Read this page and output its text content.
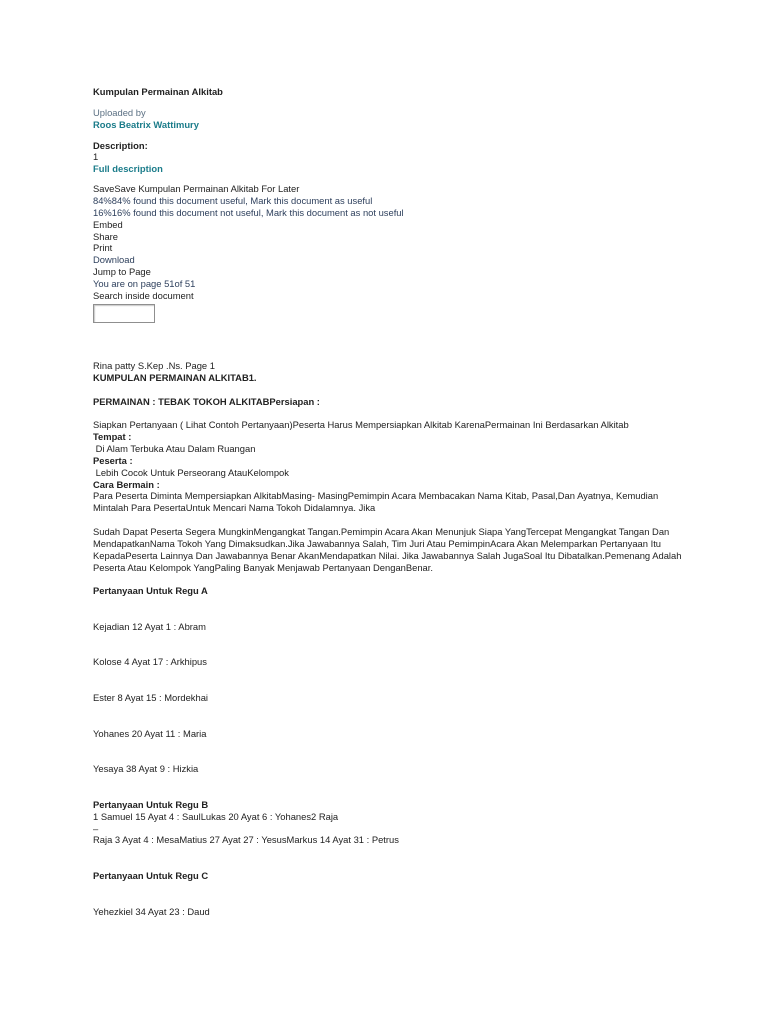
Kumpulan Permainan Alkitab
Uploaded by
Roos Beatrix Wattimury
Description:
1
Full description
SaveSave Kumpulan Permainan Alkitab For Later
84%84% found this document useful, Mark this document as useful
16%16% found this document not useful, Mark this document as not useful
Embed
Share
Print
Download
Jump to Page
You are on page 51of 51
Search inside document
Rina patty S.Kep .Ns. Page 1
KUMPULAN PERMAINAN ALKITAB1.
PERMAINAN : TEBAK TOKOH ALKITABPersiapan :
Siapkan Pertanyaan ( Lihat Contoh Pertanyaan)Peserta Harus Mempersiapkan Alkitab KarenaPermainan Ini Berdasarkan Alkitab
Tempat :
Di Alam Terbuka Atau Dalam Ruangan
Peserta :
Lebih Cocok Untuk Perseorang AtauKelompok
Cara Bermain :
Para Peserta Diminta Mempersiapkan AlkitabMasing- MasingPemimpin Acara Membacakan Nama Kitab, Pasal,Dan Ayatnya, Kemudian
Mintalah Para PesertaUntuk Mencari Nama Tokoh Didalamnya. Jika
Sudah Dapat Peserta Segera MungkinMengangkat Tangan.Pemimpin Acara Akan Menunjuk Siapa YangTercepat Mengangkat Tangan Dan
MendapatkanNama Tokoh Yang Dimaksudkan.Jika Jawabannya Salah, Tim Juri Atau PemimpinAcara Akan Melemparkan Pertanyaan Itu
KepadaPeserta Lainnya Dan Jawabannya Benar AkanMendapatkan Nilai. Jika Jawabannya Salah JugaSoal Itu Dibatalkan.Pemenang Adalah
Peserta Atau Kelompok YangPaling Banyak Menjawab Pertanyaan DenganBenar.
Pertanyaan Untuk Regu A
Kejadian 12 Ayat 1 : Abram
Kolose 4 Ayat 17 : Arkhipus
Ester 8 Ayat 15 : Mordekhai
Yohanes 20 Ayat 11 : Maria
Yesaya 38 Ayat 9 : Hizkia
Pertanyaan Untuk Regu B
1 Samuel 15 Ayat 4 : SaulLukas 20 Ayat 6 : Yohanes2 Raja
–
Raja 3 Ayat 4 : MesaMatius 27 Ayat 27 : YesusMarkus 14 Ayat 31 : Petrus
Pertanyaan Untuk Regu C
Yehezkiel 34 Ayat 23 : Daud
